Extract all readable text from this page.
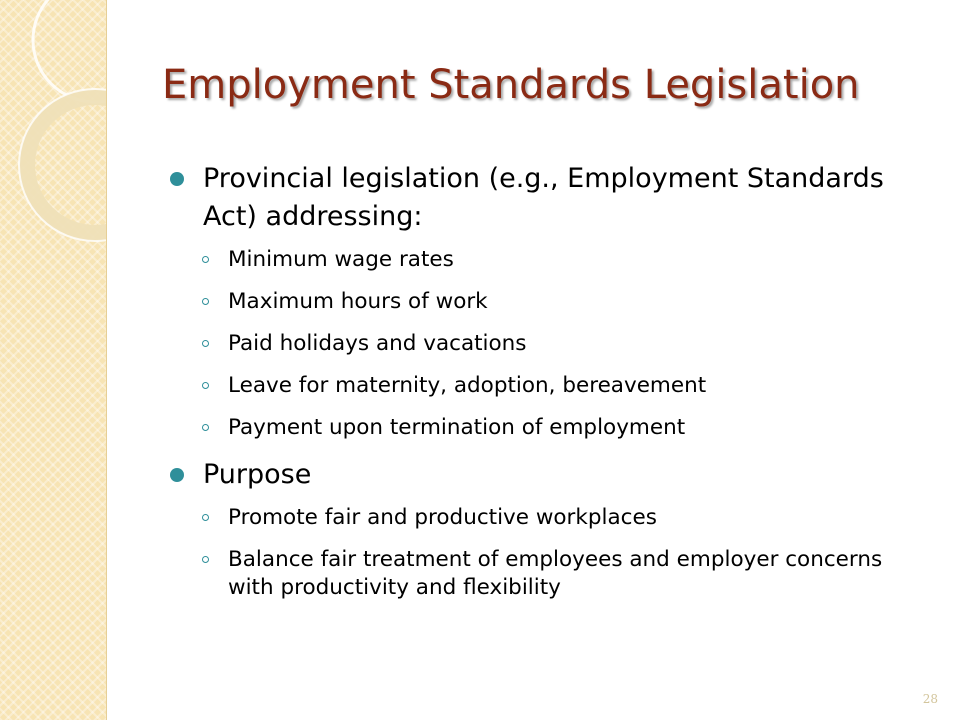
Employment Standards Legislation
Provincial legislation (e.g., Employment Standards Act) addressing:
Minimum wage rates
Maximum hours of work
Paid holidays and vacations
Leave for maternity, adoption, bereavement
Payment upon termination of employment
Purpose
Promote fair and productive workplaces
Balance fair treatment of employees and employer concerns with productivity and flexibility
28
